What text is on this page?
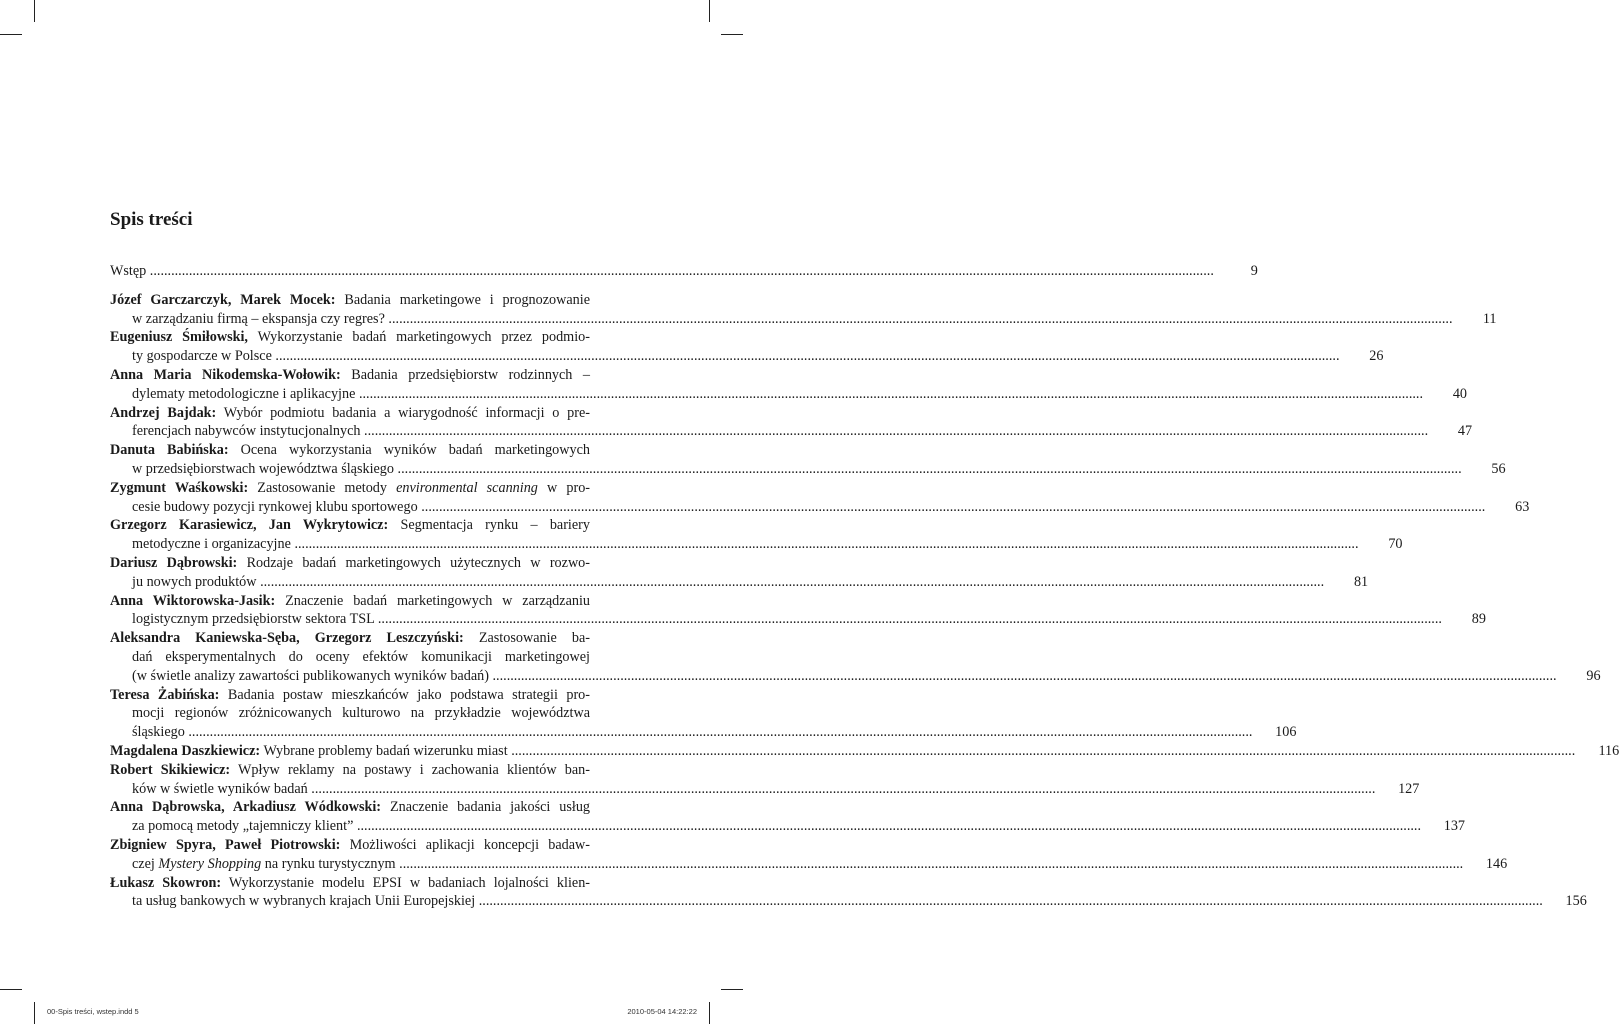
Spis treści
Wstęp ............................................................................................................................................................................................................................................................................................................	9
Józef Garczarczyk, Marek Mocek: Badania marketingowe i prognozowanie
w zarządzaniu firmą – ekspansja czy regres? ............................................................................................................................................................................................................................................................................................................	11
Eugeniusz Śmiłowski, Wykorzystanie badań marketingowych przez podmio-
ty gospodarcze w Polsce ............................................................................................................................................................................................................................................................................................................	26
Anna Maria Nikodemska-Wołowik: Badania przedsiębiorstw rodzinnych –
dylematy metodologiczne i aplikacyjne ............................................................................................................................................................................................................................................................................................................	40
Andrzej Bajdak: Wybór podmiotu badania a wiarygodność informacji o pre-
ferencjach nabywców instytucjonalnych ............................................................................................................................................................................................................................................................................................................	47
Danuta Babińska: Ocena wykorzystania wyników badań marketingowych
w przedsiębiorstwach województwa śląskiego ............................................................................................................................................................................................................................................................................................................	56
Zygmunt Waśkowski: Zastosowanie metody environmental scanning w pro-
cesie budowy pozycji rynkowej klubu sportowego ............................................................................................................................................................................................................................................................................................................	63
Grzegorz Karasiewicz, Jan Wykrytowicz: Segmentacja rynku – bariery
metodyczne i organizacyjne ............................................................................................................................................................................................................................................................................................................	70
Dariusz Dąbrowski: Rodzaje badań marketingowych użytecznych w rozwo-
ju nowych produktów ............................................................................................................................................................................................................................................................................................................	81
Anna Wiktorowska-Jasik: Znaczenie badań marketingowych w zarządzaniu
logistycznym przedsiębiorstw sektora TSL ............................................................................................................................................................................................................................................................................................................	89
Aleksandra Kaniewska-Sęba, Grzegorz Leszczyński: Zastosowanie ba-
dań eksperymentalnych do oceny efektów komunikacji marketingowej
(w świetle analizy zawartości publikowanych wyników badań) ............................................................................................................................................................................................................................................................................................................	96
Teresa Żabińska: Badania postaw mieszkańców jako podstawa strategii pro-
mocji regionów zróżnicowanych kulturowo na przykładzie województwa
śląskiego ............................................................................................................................................................................................................................................................................................................	106
Magdalena Daszkiewicz: Wybrane problemy badań wizerunku miast ............................................................................................................................................................................................................................................................................................................	116
Robert Skikiewicz: Wpływ reklamy na postawy i zachowania klientów ban-
ków w świetle wyników badań ............................................................................................................................................................................................................................................................................................................	127
Anna Dąbrowska, Arkadiusz Wódkowski: Znaczenie badania jakości usług
za pomocą metody „tajemniczy klient” ............................................................................................................................................................................................................................................................................................................	137
Zbigniew Spyra, Paweł Piotrowski: Możliwości aplikacji koncepcji badaw-
czej Mystery Shopping na rynku turystycznym ............................................................................................................................................................................................................................................................................................................	146
Łukasz Skowron: Wykorzystanie modelu EPSI w badaniach lojalności klien-
ta usług bankowych w wybranych krajach Unii Europejskiej ............................................................................................................................................................................................................................................................................................................	156
00-Spis treści, wstep.indd 5	2010-05-04 14:22:22
